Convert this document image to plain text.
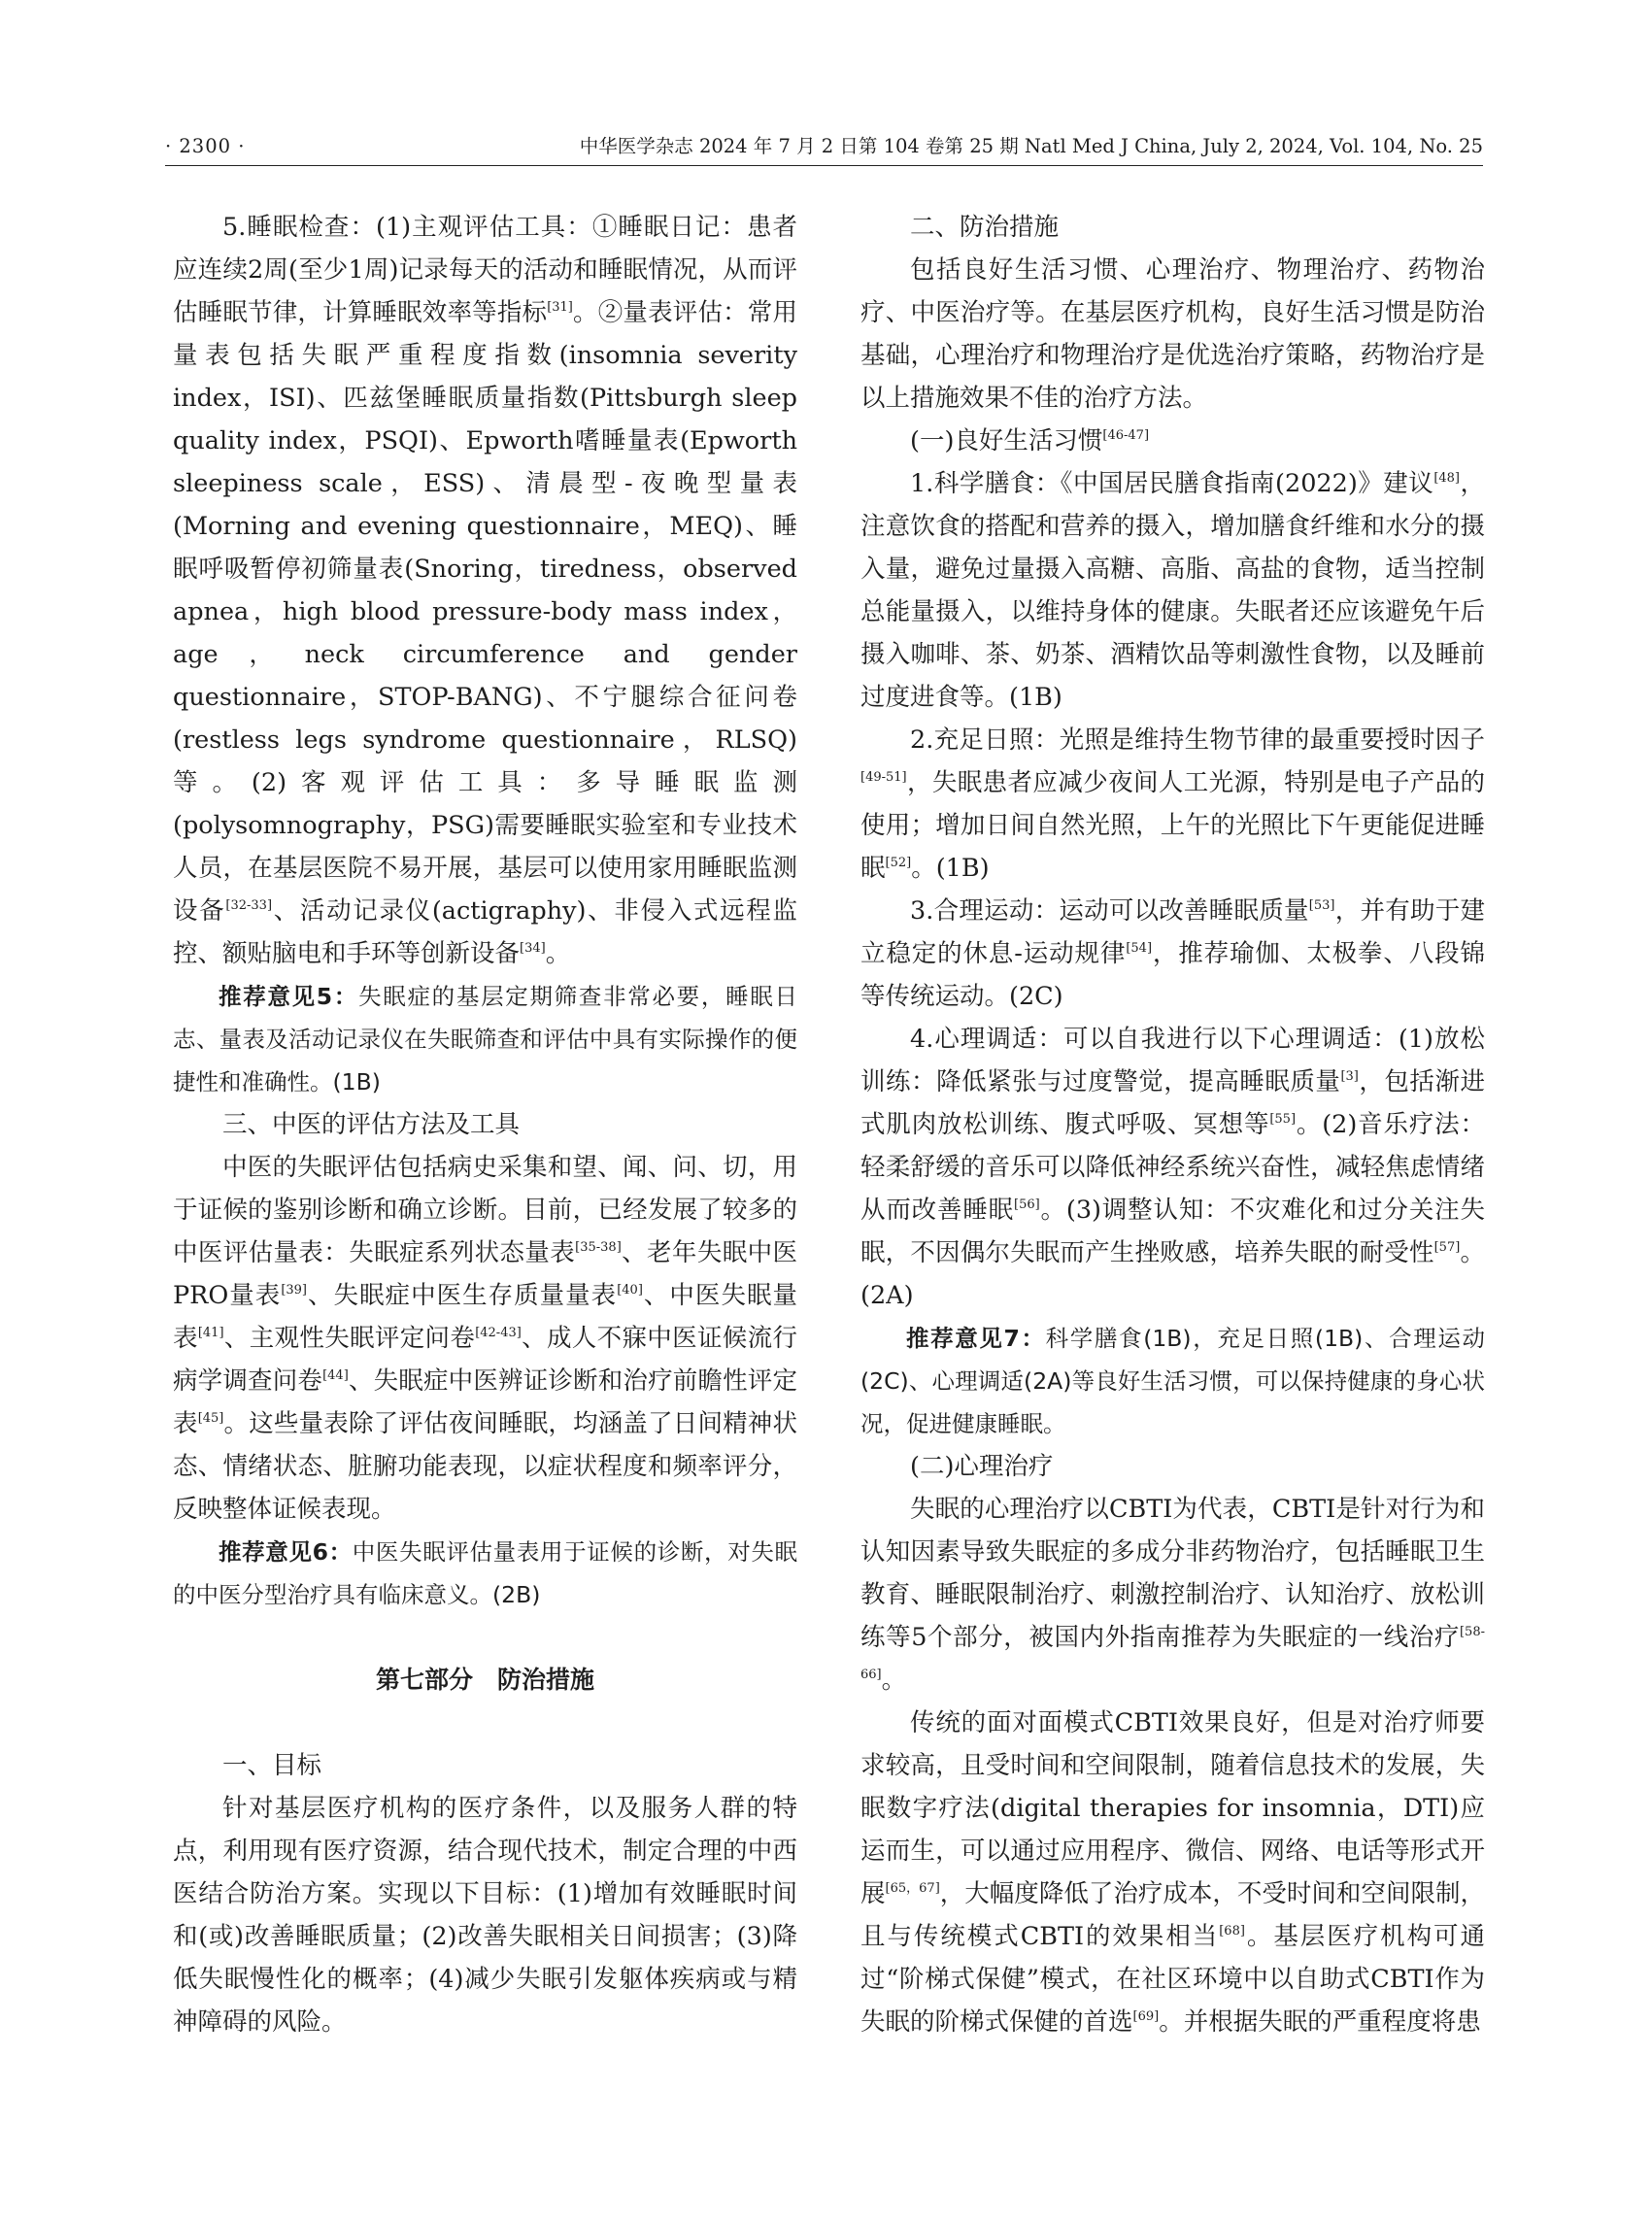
· 2300 ·	中华医学杂志 2024 年 7 月 2 日第 104 卷第 25 期 Natl Med J China, July 2, 2024, Vol. 104, No. 25

5.睡眠检查：(1)主观评估工具：①睡眠日记：患者应连续2周(至少1周)记录每天的活动和睡眠情况，从而评估睡眠节律，计算睡眠效率等指标[31]。②量表评估：常用量表包括失眠严重程度指数(insomnia severity index，ISI)、匹兹堡睡眠质量指数(Pittsburgh sleep quality index，PSQI)、Epworth嗜睡量表(Epworth sleepiness scale，ESS)、清晨型-夜晚型量表(Morning and evening questionnaire，MEQ)、睡眠呼吸暂停初筛量表(Snoring，tiredness，observed apnea，high blood pressure-body mass index，age，neck circumference and gender questionnaire，STOP-BANG)、不宁腿综合征问卷(restless legs syndrome questionnaire，RLSQ)等。(2)客观评估工具：多导睡眠监测(polysomnography，PSG)需要睡眠实验室和专业技术人员，在基层医院不易开展，基层可以使用家用睡眠监测设备[32-33]、活动记录仪(actigraphy)、非侵入式远程监控、额贴脑电和手环等创新设备[34]。

推荐意见5：失眠症的基层定期筛查非常必要，睡眠日志、量表及活动记录仪在失眠筛查和评估中具有实际操作的便捷性和准确性。(1B)

三、中医的评估方法及工具

中医的失眠评估包括病史采集和望、闻、问、切，用于证候的鉴别诊断和确立诊断。目前，已经发展了较多的中医评估量表：失眠症系列状态量表[35-38]、老年失眠中医PRO量表[39]、失眠症中医生存质量量表[40]、中医失眠量表[41]、主观性失眠评定问卷[42-43]、成人不寐中医证候流行病学调查问卷[44]、失眠症中医辨证诊断和治疗前瞻性评定表[45]。这些量表除了评估夜间睡眠，均涵盖了日间精神状态、情绪状态、脏腑功能表现，以症状程度和频率评分，反映整体证候表现。

推荐意见6：中医失眠评估量表用于证候的诊断，对失眠的中医分型治疗具有临床意义。(2B)

第七部分　防治措施

一、目标

针对基层医疗机构的医疗条件，以及服务人群的特点，利用现有医疗资源，结合现代技术，制定合理的中西医结合防治方案。实现以下目标：(1)增加有效睡眠时间和(或)改善睡眠质量；(2)改善失眠相关日间损害；(3)降低失眠慢性化的概率；(4)减少失眠引发躯体疾病或与精神障碍的风险。

二、防治措施

包括良好生活习惯、心理治疗、物理治疗、药物治疗、中医治疗等。在基层医疗机构，良好生活习惯是防治基础，心理治疗和物理治疗是优选治疗策略，药物治疗是以上措施效果不佳的治疗方法。

(一)良好生活习惯[46-47]

1.科学膳食：《中国居民膳食指南(2022)》建议[48]，注意饮食的搭配和营养的摄入，增加膳食纤维和水分的摄入量，避免过量摄入高糖、高脂、高盐的食物，适当控制总能量摄入，以维持身体的健康。失眠者还应该避免午后摄入咖啡、茶、奶茶、酒精饮品等刺激性食物，以及睡前过度进食等。(1B)

2.充足日照：光照是维持生物节律的最重要授时因子[49-51]，失眠患者应减少夜间人工光源，特别是电子产品的使用；增加日间自然光照，上午的光照比下午更能促进睡眠[52]。(1B)

3.合理运动：运动可以改善睡眠质量[53]，并有助于建立稳定的休息-运动规律[54]，推荐瑜伽、太极拳、八段锦等传统运动。(2C)

4.心理调适：可以自我进行以下心理调适：(1)放松训练：降低紧张与过度警觉，提高睡眠质量[3]，包括渐进式肌肉放松训练、腹式呼吸、冥想等[55]。(2)音乐疗法：轻柔舒缓的音乐可以降低神经系统兴奋性，减轻焦虑情绪从而改善睡眠[56]。(3)调整认知：不灾难化和过分关注失眠，不因偶尔失眠而产生挫败感，培养失眠的耐受性[57]。(2A)

推荐意见7：科学膳食(1B)，充足日照(1B)、合理运动(2C)、心理调适(2A)等良好生活习惯，可以保持健康的身心状况，促进健康睡眠。

(二)心理治疗

失眠的心理治疗以CBTI为代表，CBTI是针对行为和认知因素导致失眠症的多成分非药物治疗，包括睡眠卫生教育、睡眠限制治疗、刺激控制治疗、认知治疗、放松训练等5个部分，被国内外指南推荐为失眠症的一线治疗[58-66]。

传统的面对面模式CBTI效果良好，但是对治疗师要求较高，且受时间和空间限制，随着信息技术的发展，失眠数字疗法(digital therapies for insomnia，DTI)应运而生，可以通过应用程序、微信、网络、电话等形式开展[65，67]，大幅度降低了治疗成本，不受时间和空间限制，且与传统模式CBTI的效果相当[68]。基层医疗机构可通过“阶梯式保健”模式，在社区环境中以自助式CBTI作为失眠的阶梯式保健的首选[69]。并根据失眠的严重程度将患
